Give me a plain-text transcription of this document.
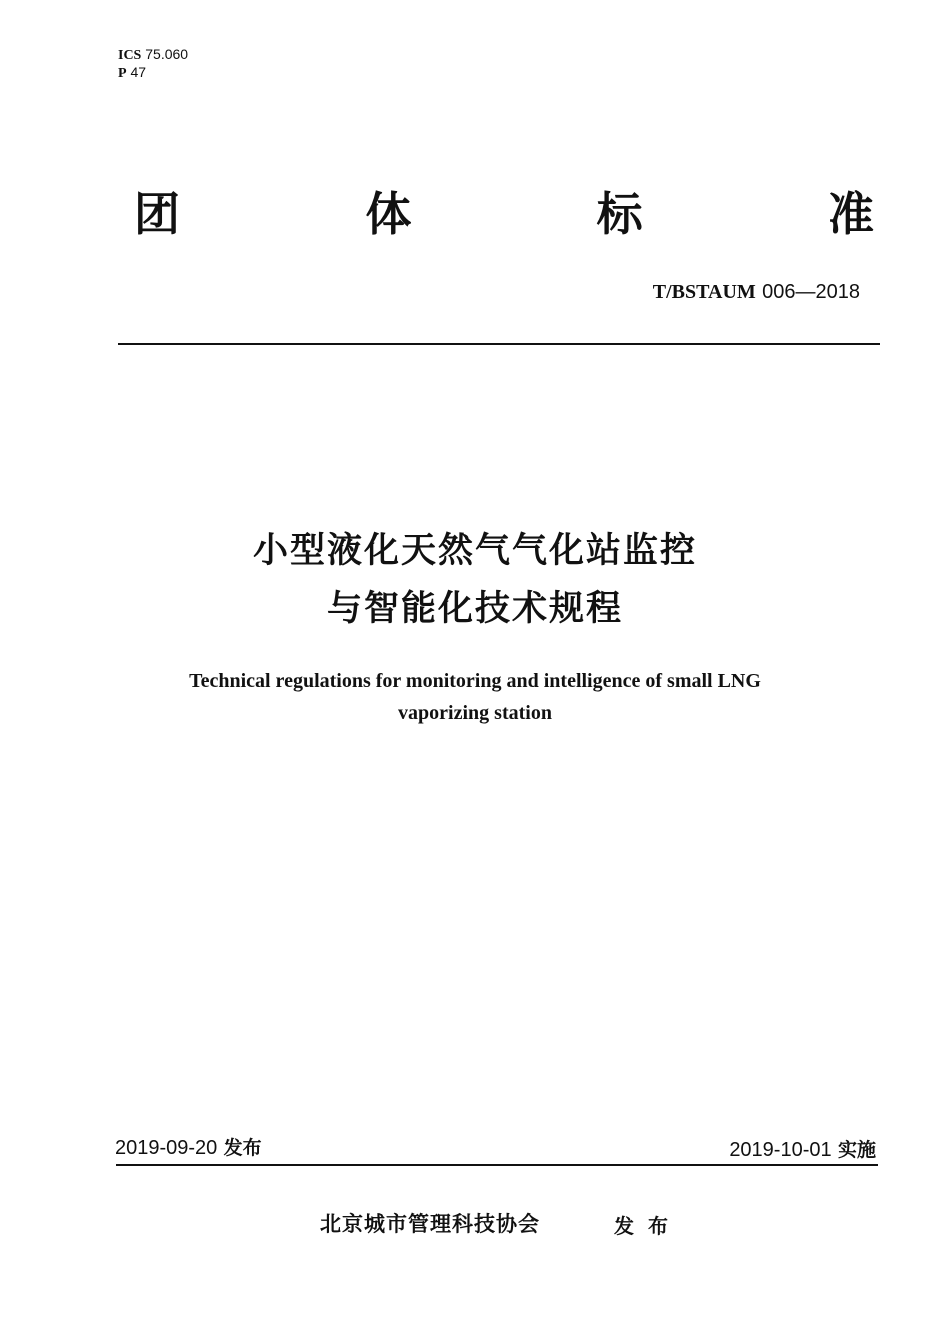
ICS 75.060
P 47
团	体	标	准
T/BSTAUM 006—2018
小型液化天然气气化站监控
与智能化技术规程
Technical regulations for monitoring and intelligence of small LNG
vaporizing station
2019-09-20 发布	2019-10-01 实施
北京城市管理科技协会	发布
